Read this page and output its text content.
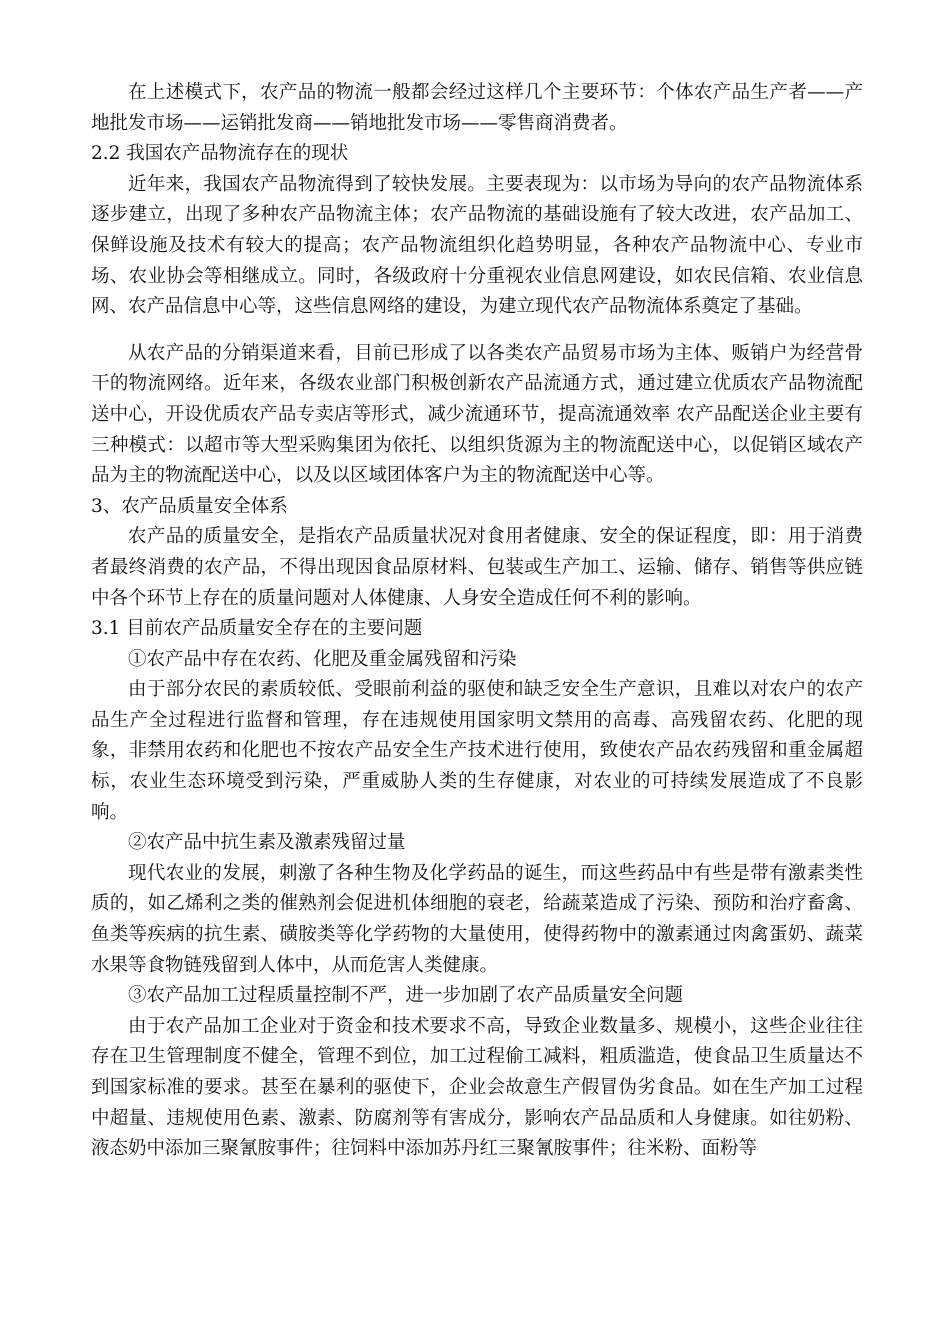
在上述模式下，农产品的物流一般都会经过这样几个主要环节：个体农产品生产者——产地批发市场——运销批发商——销地批发市场——零售商消费者。

2.2 我国农产品物流存在的现状

近年来，我国农产品物流得到了较快发展。主要表现为：以市场为导向的农产品物流体系逐步建立，出现了多种农产品物流主体；农产品物流的基础设施有了较大改进，农产品加工、保鲜设施及技术有较大的提高；农产品物流组织化趋势明显，各种农产品物流中心、专业市场、农业协会等相继成立。同时，各级政府十分重视农业信息网建设，如农民信箱、农业信息网、农产品信息中心等，这些信息网络的建设，为建立现代农产品物流体系奠定了基础。

从农产品的分销渠道来看，目前已形成了以各类农产品贸易市场为主体、贩销户为经营骨干的物流网络。近年来，各级农业部门积极创新农产品流通方式，通过建立优质农产品物流配送中心，开设优质农产品专卖店等形式，减少流通环节，提高流通效率 农产品配送企业主要有三种模式：以超市等大型采购集团为依托、以组织货源为主的物流配送中心，以促销区域农产品为主的物流配送中心，以及以区域团体客户为主的物流配送中心等。

3、农产品质量安全体系

农产品的质量安全，是指农产品质量状况对食用者健康、安全的保证程度，即：用于消费者最终消费的农产品，不得出现因食品原材料、包装或生产加工、运输、储存、销售等供应链中各个环节上存在的质量问题对人体健康、人身安全造成任何不利的影响。

3.1 目前农产品质量安全存在的主要问题

①农产品中存在农药、化肥及重金属残留和污染

由于部分农民的素质较低、受眼前利益的驱使和缺乏安全生产意识，且难以对农户的农产品生产全过程进行监督和管理，存在违规使用国家明文禁用的高毒、高残留农药、化肥的现象，非禁用农药和化肥也不按农产品安全生产技术进行使用，致使农产品农药残留和重金属超标，农业生态环境受到污染，严重威胁人类的生存健康，对农业的可持续发展造成了不良影响。

②农产品中抗生素及激素残留过量

现代农业的发展，刺激了各种生物及化学药品的诞生，而这些药品中有些是带有激素类性质的，如乙烯利之类的催熟剂会促进机体细胞的衰老，给蔬菜造成了污染、预防和治疗畜禽、鱼类等疾病的抗生素、磺胺类等化学药物的大量使用，使得药物中的激素通过肉禽蛋奶、蔬菜水果等食物链残留到人体中，从而危害人类健康。

③农产品加工过程质量控制不严，进一步加剧了农产品质量安全问题

由于农产品加工企业对于资金和技术要求不高，导致企业数量多、规模小，这些企业往往存在卫生管理制度不健全，管理不到位，加工过程偷工减料，粗质滥造，使食品卫生质量达不到国家标准的要求。甚至在暴利的驱使下，企业会故意生产假冒伪劣食品。如在生产加工过程中超量、违规使用色素、激素、防腐剂等有害成分，影响农产品品质和人身健康。如往奶粉、液态奶中添加三聚氰胺事件；往饲料中添加苏丹红三聚氰胺事件；往米粉、面粉等
